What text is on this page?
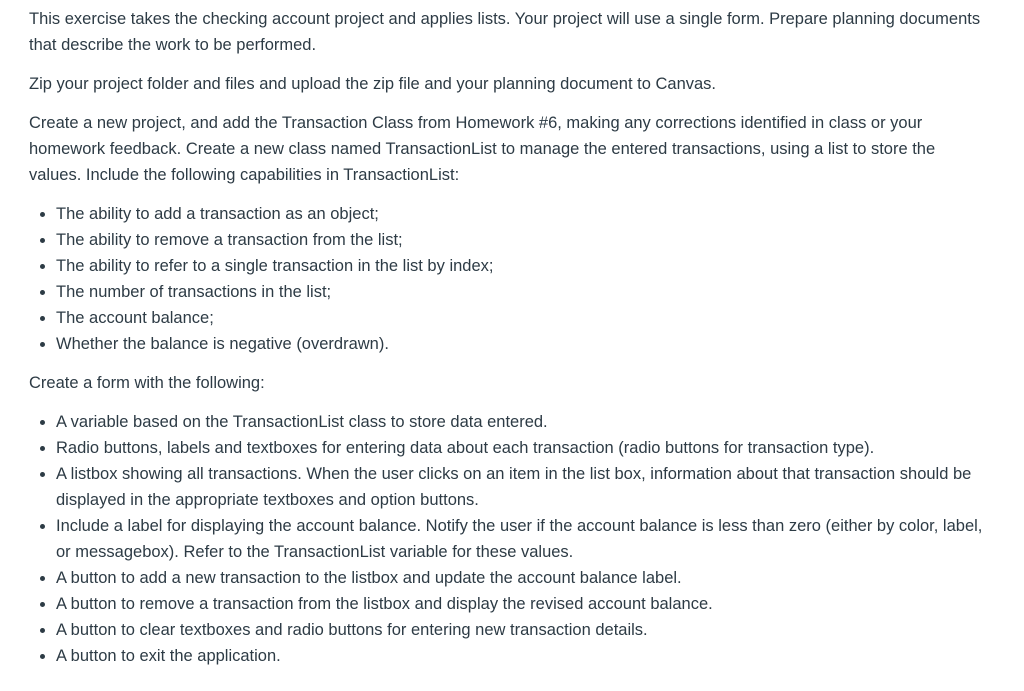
This exercise takes the checking account project and applies lists. Your project will use a single form. Prepare planning documents that describe the work to be performed.

Zip your project folder and files and upload the zip file and your planning document to Canvas.

Create a new project, and add the Transaction Class from Homework #6, making any corrections identified in class or your homework feedback. Create a new class named TransactionList to manage the entered transactions, using a list to store the values. Include the following capabilities in TransactionList:

• The ability to add a transaction as an object;
• The ability to remove a transaction from the list;
• The ability to refer to a single transaction in the list by index;
• The number of transactions in the list;
• The account balance;
• Whether the balance is negative (overdrawn).

Create a form with the following:

• A variable based on the TransactionList class to store data entered.
• Radio buttons, labels and textboxes for entering data about each transaction (radio buttons for transaction type).
• A listbox showing all transactions. When the user clicks on an item in the list box, information about that transaction should be displayed in the appropriate textboxes and option buttons.
• Include a label for displaying the account balance. Notify the user if the account balance is less than zero (either by color, label, or messagebox). Refer to the TransactionList variable for these values.
• A button to add a new transaction to the listbox and update the account balance label.
• A button to remove a transaction from the listbox and display the revised account balance.
• A button to clear textboxes and radio buttons for entering new transaction details.
• A button to exit the application.
